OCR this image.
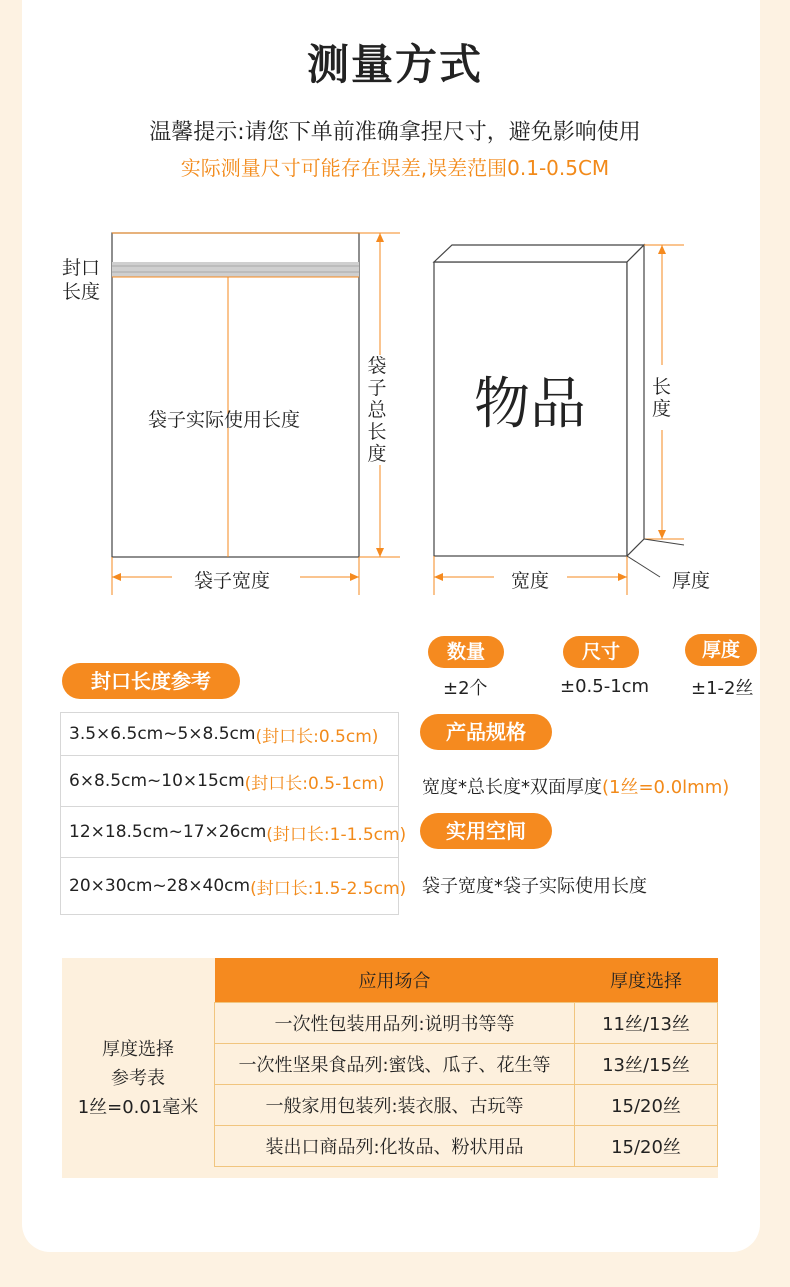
测量方式
温馨提示:请您下单前准确拿捏尺寸，避免影响使用
实际测量尺寸可能存在误差,误差范围0.1-0.5CM
封口
长度
袋子实际使用长度
袋子总长度
袋子宽度
物品	长度
宽度	厚度
数量
±2个
尺寸
±0.5-1cm
厚度
±1-2丝
封口长度参考
3.5×6.5cm~5×8.5cm (封口长:0.5cm)
6×8.5cm~10×15cm (封口长:0.5-1cm)
12×18.5cm~17×26cm (封口长:1-1.5cm)
20×30cm~28×40cm (封口长:1.5-2.5cm)
产品规格
宽度*总长度*双面厚度(1丝=0.0lmm)
实用空间
袋子宽度*袋子实际使用长度
厚度选择
参考表
1丝=0.01毫米
应用场合	厚度选择
一次性包装用品列:说明书等等	11丝/13丝
一次性坚果食品列:蜜饯、瓜子、花生等	13丝/15丝
一般家用包装列:装衣服、古玩等	15/20丝
装出口商品列:化妆品、粉状用品	15/20丝
